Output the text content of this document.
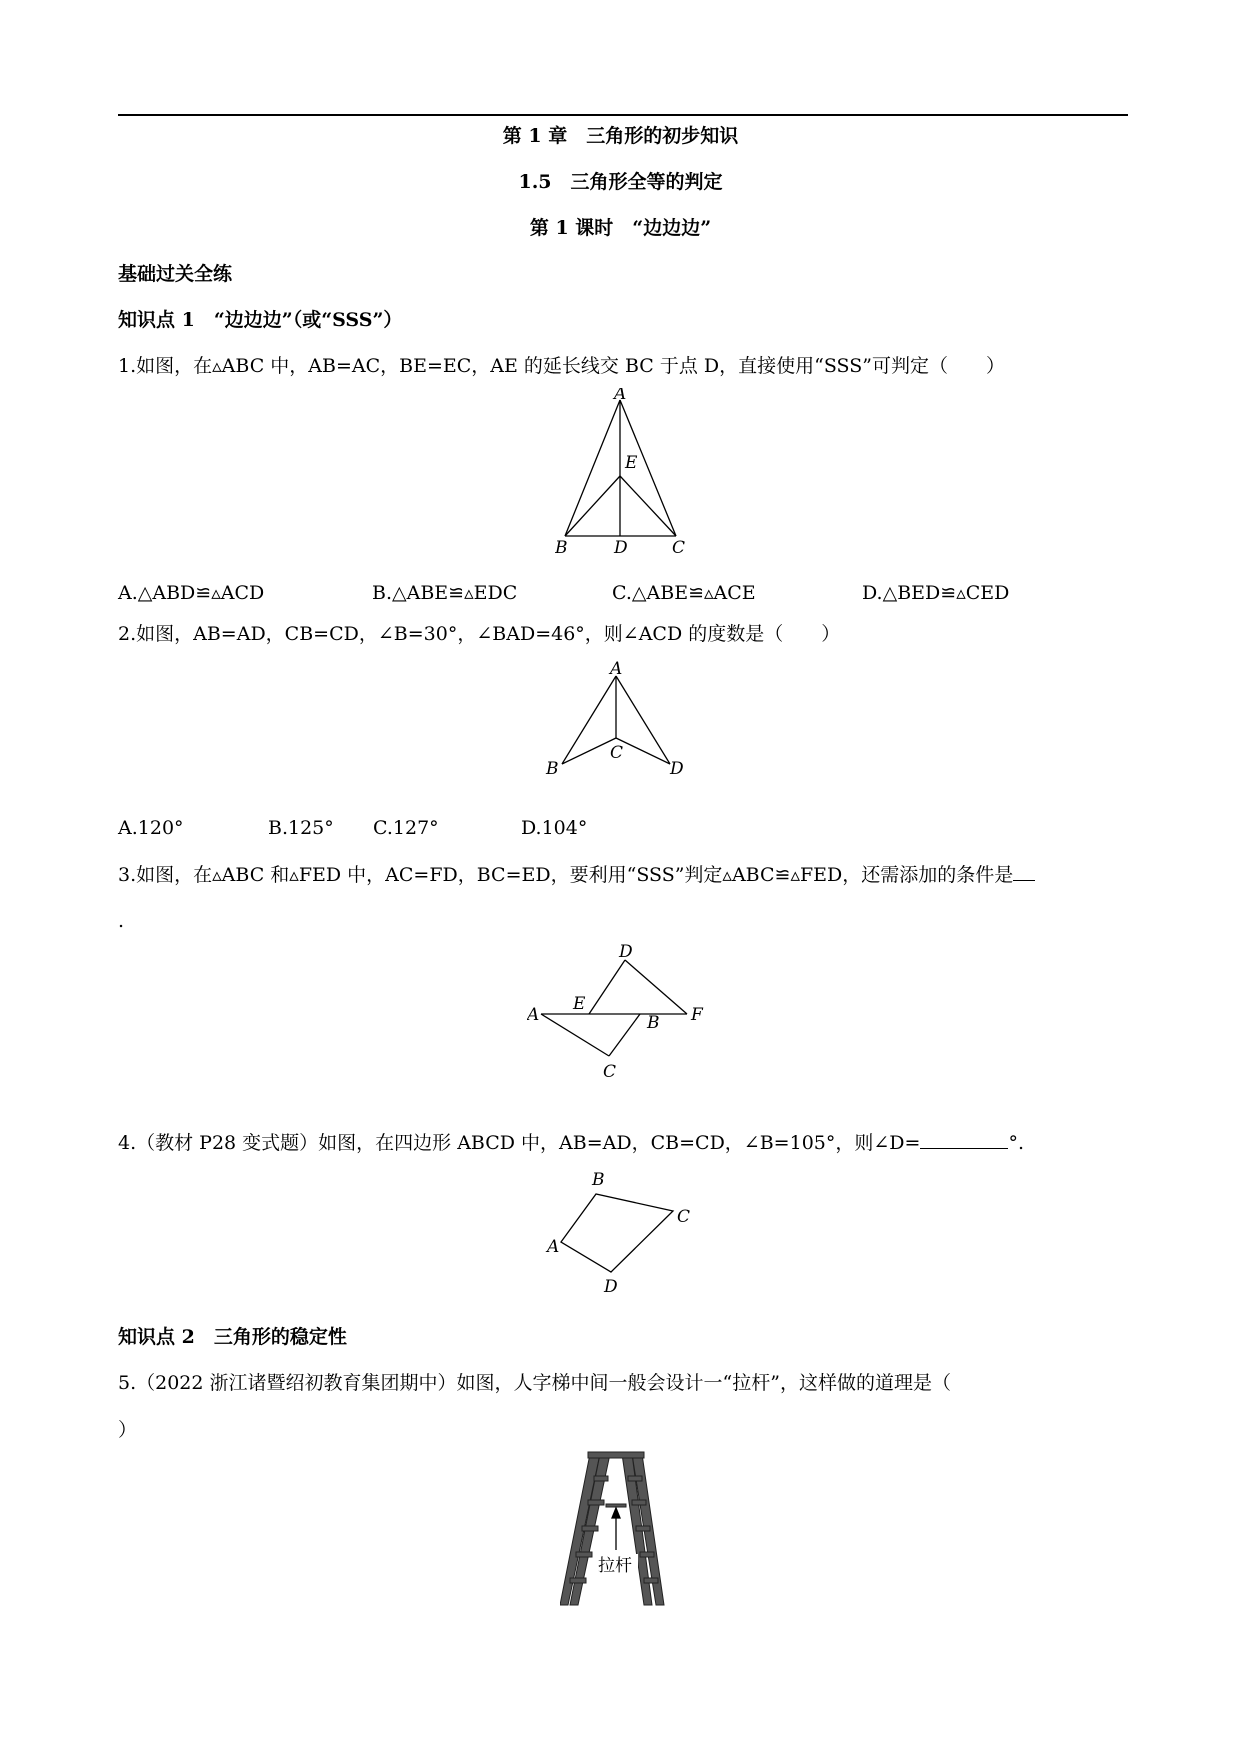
第 1 章　三角形的初步知识
1.5　三角形全等的判定
第 1 课时　“边边边”
基础过关全练
知识点 1　“边边边”（或“SSS”）
1.如图，在▵ABC 中，AB=AC，BE=EC，AE 的延长线交 BC 于点 D，直接使用“SSS”可判定（　　）
A
E
B	D	C
A.△ABD≌▵ACD	B.△ABE≌▵EDC	C.△ABE≌▵ACE	D.△BED≌▵CED
2.如图，AB=AD，CB=CD，∠B=30°，∠BAD=46°，则∠ACD 的度数是（　　）
A
B
C
D
A.120°	B.125° C.127°	D.104°
3.如图，在▵ABC 和▵FED 中，AC=FD，BC=ED，要利用“SSS”判定▵ABC≌▵FED，还需添加的条件是
.
D
A
E
B F
C
4.（教材 P28 变式题）如图，在四边形 ABCD 中，AB=AD，CB=CD，∠B=105°，则∠D=	°.
B
C
A
D
知识点 2　三角形的稳定性
5.（2022 浙江诸暨绍初教育集团期中）如图，人字梯中间一般会设计一“拉杆”，这样做的道理是（
）
拉杆
